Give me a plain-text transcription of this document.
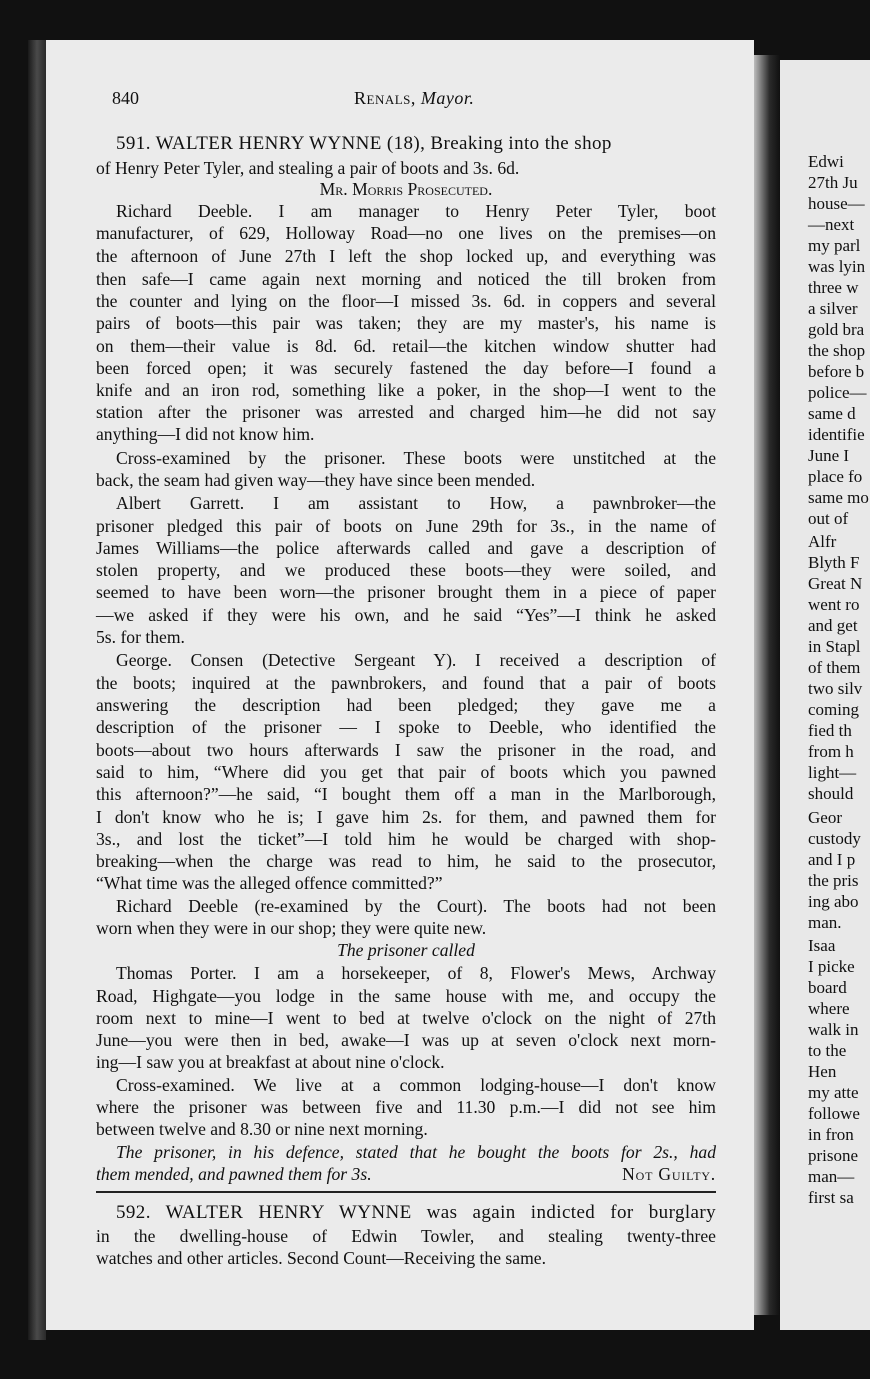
Edwi
27th Ju
house—
—next
my parl
was lyin
three w
a silver
gold bra
the shop
before b
police—
same d
identifie
June I
place fo
same mo
out of
Alfr
Blyth F
Great N
went ro
and get
in Stapl
of them
two silv
coming
fied th
from h
light—
should
Geor
custody
and I p
the pris
ing abo
man.
Isaa
I picke
board
where
walk in
to the
Hen
my atte
followe
in fron
prisone
man—
first sa
840	Renals, Mayor.
591. WALTER HENRY WYNNE (18), Breaking into the shop
of Henry Peter Tyler, and stealing a pair of boots and 3s. 6d.
Mr. Morris Prosecuted.
Richard Deeble. I am manager to Henry Peter Tyler, boot
manufacturer, of 629, Holloway Road—no one lives on the premises—on
the afternoon of June 27th I left the shop locked up, and everything was
then safe—I came again next morning and noticed the till broken from
the counter and lying on the floor—I missed 3s. 6d. in coppers and several
pairs of boots—this pair was taken; they are my master's, his name is
on them—their value is 8d. 6d. retail—the kitchen window shutter had
been forced open; it was securely fastened the day before—I found a
knife and an iron rod, something like a poker, in the shop—I went to the
station after the prisoner was arrested and charged him—he did not say
anything—I did not know him.
Cross-examined by the prisoner. These boots were unstitched at the
back, the seam had given way—they have since been mended.
Albert Garrett. I am assistant to How, a pawnbroker—the
prisoner pledged this pair of boots on June 29th for 3s., in the name of
James Williams—the police afterwards called and gave a description of
stolen property, and we produced these boots—they were soiled, and
seemed to have been worn—the prisoner brought them in a piece of paper
—we asked if they were his own, and he said “Yes”—I think he asked
5s. for them.
George. Consen (Detective Sergeant Y). I received a description of
the boots; inquired at the pawnbrokers, and found that a pair of boots
answering the description had been pledged; they gave me a
description of the prisoner — I spoke to Deeble, who identified the
boots—about two hours afterwards I saw the prisoner in the road, and
said to him, “Where did you get that pair of boots which you pawned
this afternoon?”—he said, “I bought them off a man in the Marlborough,
I don't know who he is; I gave him 2s. for them, and pawned them for
3s., and lost the ticket”—I told him he would be charged with shop-
breaking—when the charge was read to him, he said to the prosecutor,
“What time was the alleged offence committed?”
Richard Deeble (re-examined by the Court). The boots had not been
worn when they were in our shop; they were quite new.
The prisoner called
Thomas Porter. I am a horsekeeper, of 8, Flower's Mews, Archway
Road, Highgate—you lodge in the same house with me, and occupy the
room next to mine—I went to bed at twelve o'clock on the night of 27th
June—you were then in bed, awake—I was up at seven o'clock next morn-
ing—I saw you at breakfast at about nine o'clock.
Cross-examined. We live at a common lodging-house—I don't know
where the prisoner was between five and 11.30 p.m.—I did not see him
between twelve and 8.30 or nine next morning.
The prisoner, in his defence, stated that he bought the boots for 2s., had
them mended, and pawned them for 3s.	Not Guilty.
592. WALTER HENRY WYNNE was again indicted for burglary
in the dwelling-house of Edwin Towler, and stealing twenty-three
watches and other articles. Second Count—Receiving the same.
